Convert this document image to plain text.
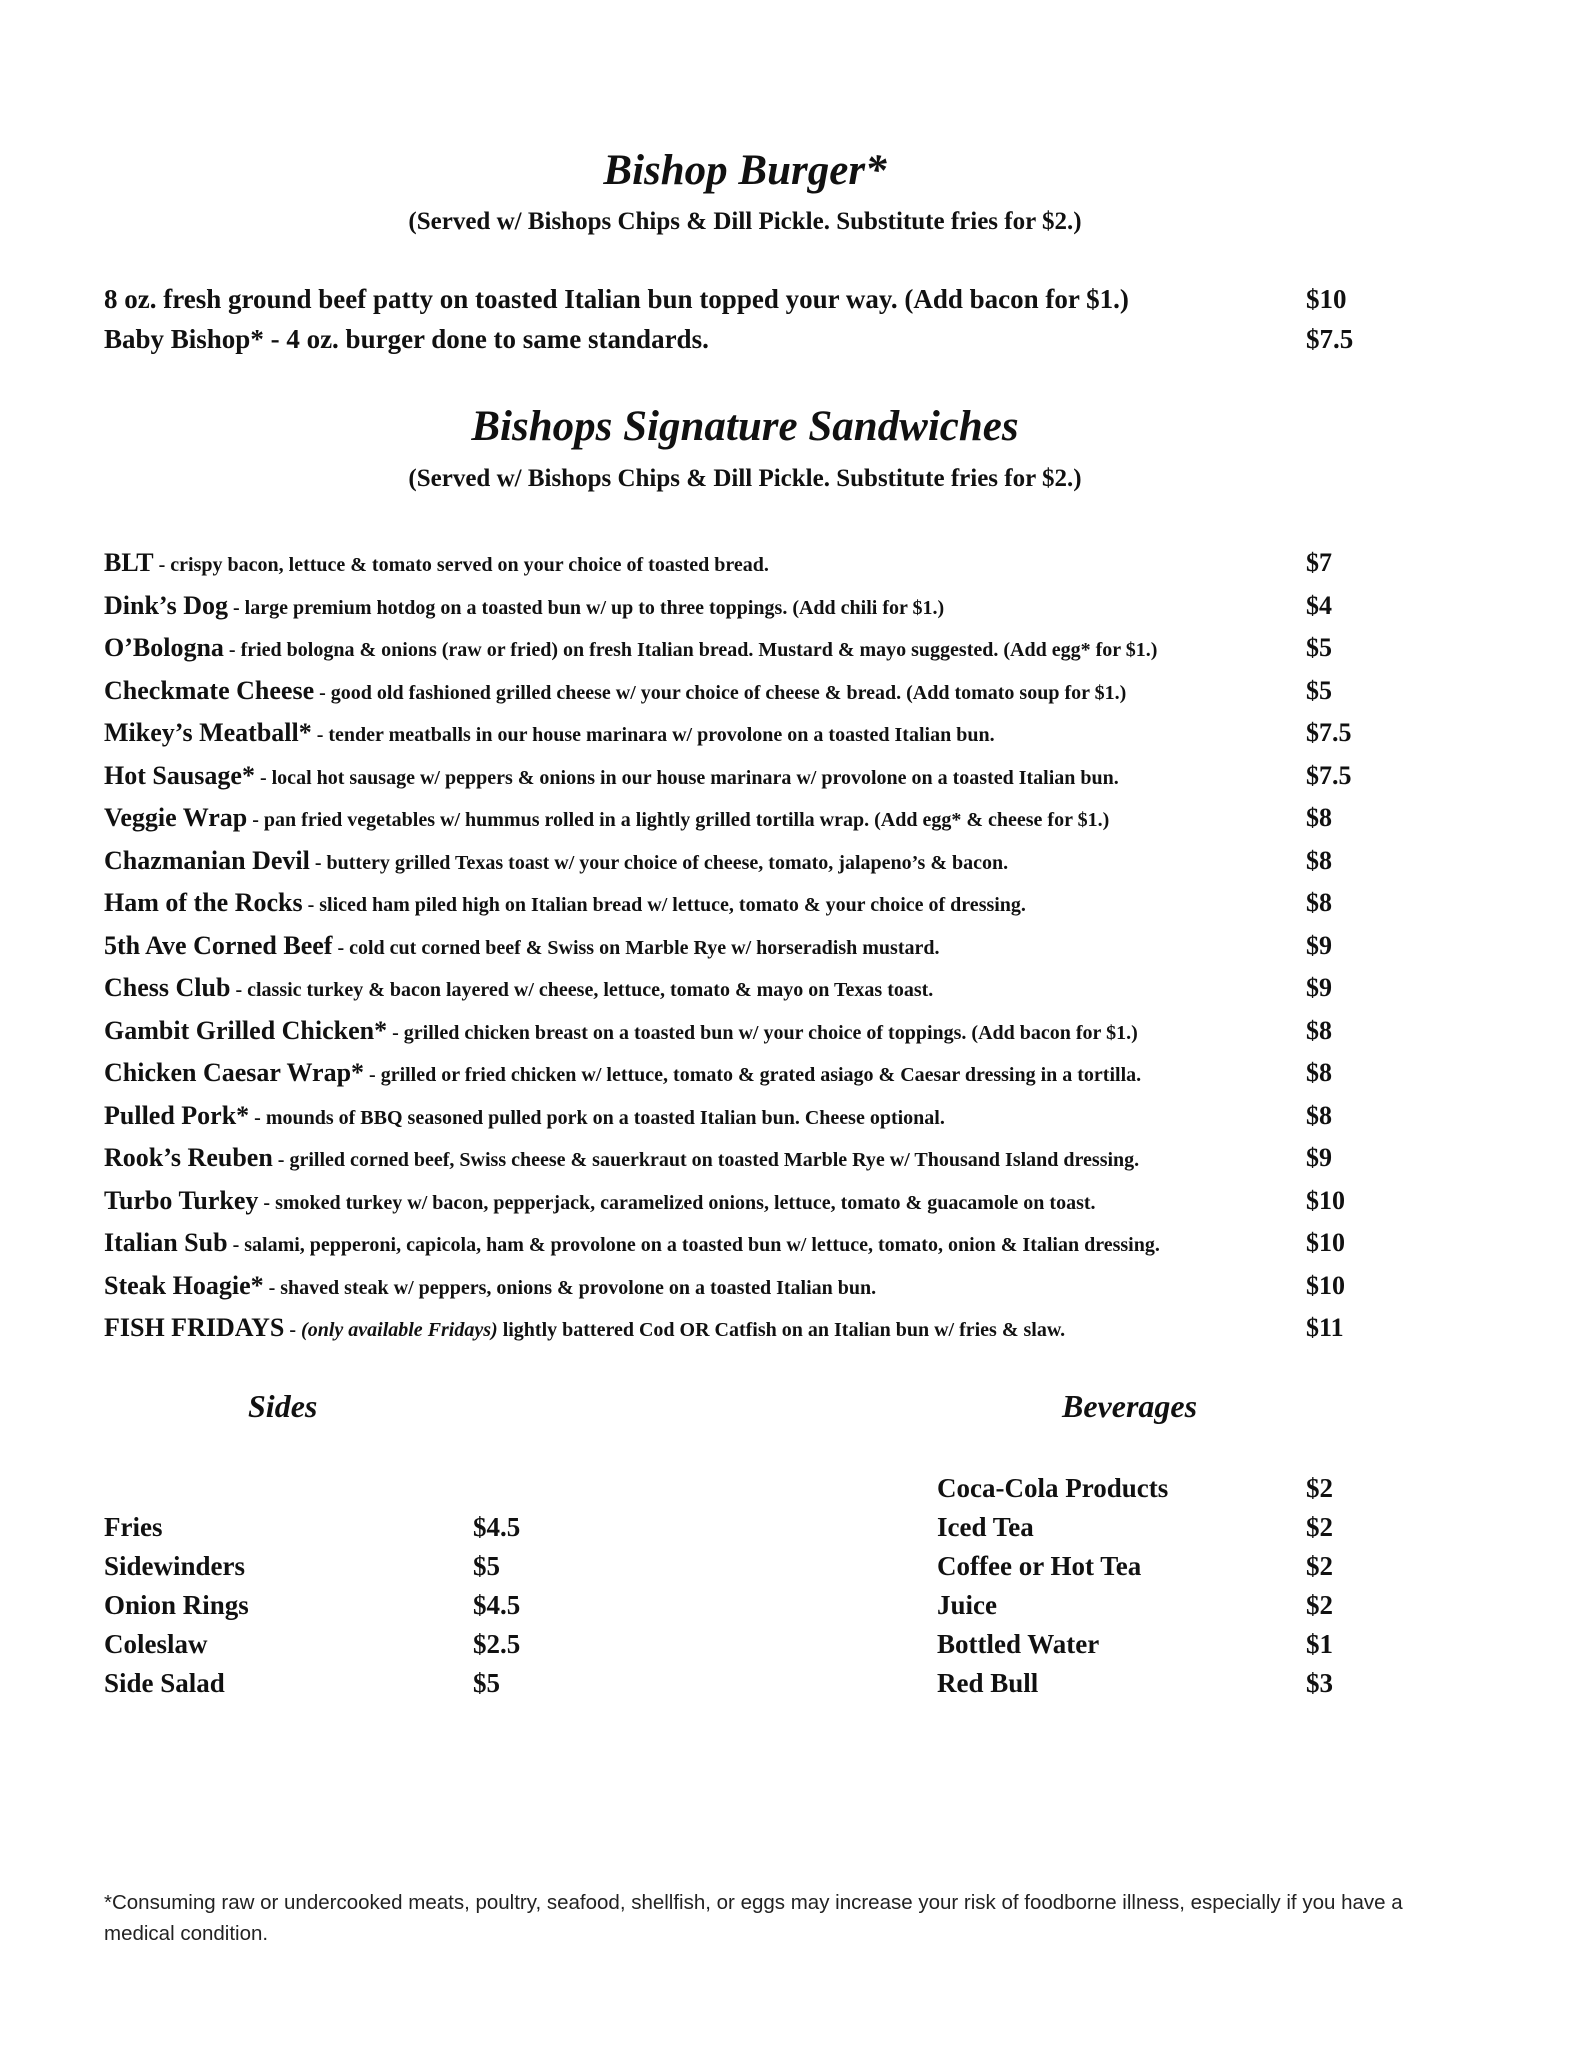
Bishop Burger*

(Served w/ Bishops Chips & Dill Pickle. Substitute fries for $2.)

8 oz. fresh ground beef patty on toasted Italian bun topped your way. (Add bacon for $1.)	$10
Baby Bishop* - 4 oz. burger done to same standards.	$7.5
Bishops Signature Sandwiches

(Served w/ Bishops Chips & Dill Pickle. Substitute fries for $2.)

BLT - crispy bacon, lettuce & tomato served on your choice of toasted bread.	$7
Dink’s Dog - large premium hotdog on a toasted bun w/ up to three toppings. (Add chili for $1.)	$4
O’Bologna - fried bologna & onions (raw or fried) on fresh Italian bread. Mustard & mayo suggested. (Add egg* for $1.)	$5
Checkmate Cheese - good old fashioned grilled cheese w/ your choice of cheese & bread. (Add tomato soup for $1.)	$5
Mikey’s Meatball* - tender meatballs in our house marinara w/ provolone on a toasted Italian bun.	$7.5
Hot Sausage* - local hot sausage w/ peppers & onions in our house marinara w/ provolone on a toasted Italian bun.	$7.5
Veggie Wrap - pan fried vegetables w/ hummus rolled in a lightly grilled tortilla wrap. (Add egg* & cheese for $1.)	$8
Chazmanian Devil - buttery grilled Texas toast w/ your choice of cheese, tomato, jalapeno’s & bacon.	$8
Ham of the Rocks - sliced ham piled high on Italian bread w/ lettuce, tomato & your choice of dressing.	$8
5th Ave Corned Beef - cold cut corned beef & Swiss on Marble Rye w/ horseradish mustard.	$9
Chess Club - classic turkey & bacon layered w/ cheese, lettuce, tomato & mayo on Texas toast.	$9
Gambit Grilled Chicken* - grilled chicken breast on a toasted bun w/ your choice of toppings. (Add bacon for $1.)	$8
Chicken Caesar Wrap* - grilled or fried chicken w/ lettuce, tomato & grated asiago & Caesar dressing in a tortilla.	$8
Pulled Pork* - mounds of BBQ seasoned pulled pork on a toasted Italian bun. Cheese optional.	$8
Rook’s Reuben - grilled corned beef, Swiss cheese & sauerkraut on toasted Marble Rye w/ Thousand Island dressing.	$9
Turbo Turkey - smoked turkey w/ bacon, pepperjack, caramelized onions, lettuce, tomato & guacamole on toast.	$10
Italian Sub - salami, pepperoni, capicola, ham & provolone on a toasted bun w/ lettuce, tomato, onion & Italian dressing.	$10
Steak Hoagie* - shaved steak w/ peppers, onions & provolone on a toasted Italian bun.	$10
FISH FRIDAYS - (only available Fridays) lightly battered Cod OR Catfish on an Italian bun w/ fries & slaw.	$11
Sides
Fries	$4.5
Sidewinders	$5
Onion Rings	$4.5
Coleslaw	$2.5
Side Salad	$5
Beverages
Coca-Cola Products	$2
Iced Tea	$2
Coffee or Hot Tea	$2
Juice	$2
Bottled Water	$1
Red Bull	$3

*Consuming raw or undercooked meats, poultry, seafood, shellfish, or eggs may increase your risk of foodborne illness, especially if you have a medical condition.
